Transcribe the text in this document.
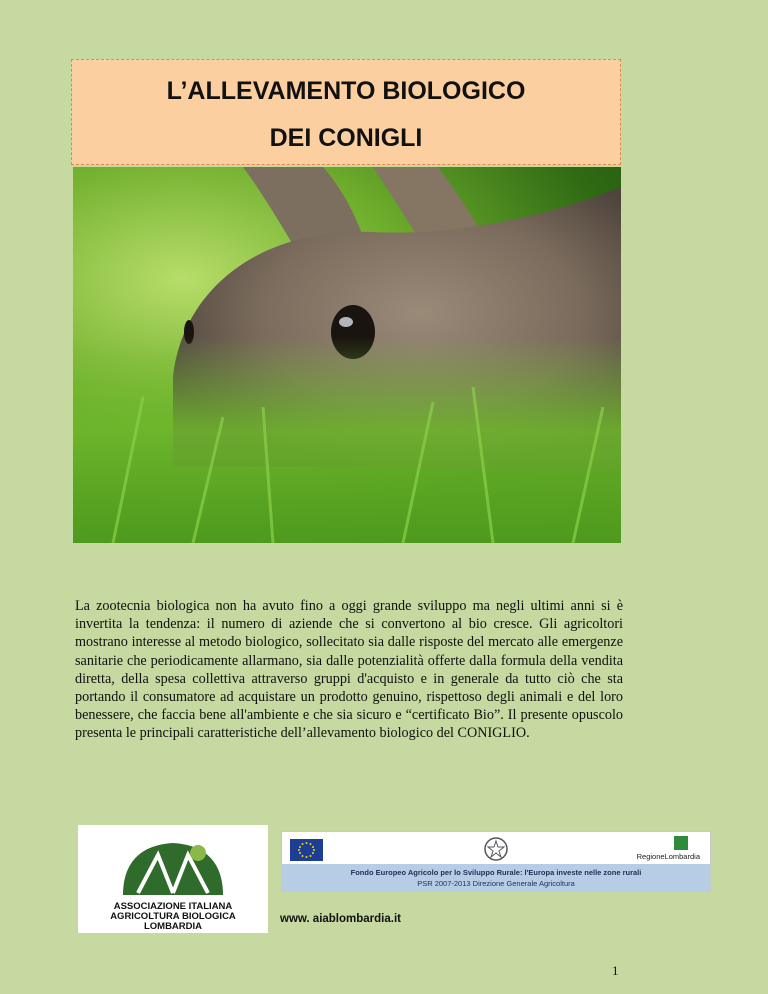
L’ALLEVAMENTO BIOLOGICO
DEI CONIGLI
La zootecnia biologica non ha avuto fino a oggi grande sviluppo ma negli ultimi anni si è invertita la tendenza: il numero di aziende che si convertono al bio cresce. Gli agricoltori mostrano interesse al metodo biologico, sollecitato sia dalle risposte del mercato alle emergenze sanitarie che periodicamente allarmano, sia dalle potenzialità offerte dalla formula della vendita diretta, della spesa collettiva attraverso gruppi d'acquisto e in generale da tutto ciò che sta portando il consumatore ad acquistare un prodotto genuino, rispettoso degli animali e del loro benessere, che faccia bene all'ambiente e che sia sicuro e “certificato Bio”. Il presente opuscolo presenta le principali caratteristiche dell’allevamento biologico del CONIGLIO.
ASSOCIAZIONE ITALIANA
AGRICOLTURA BIOLOGICA
LOMBARDIA
RegioneLombardia
Fondo Europeo Agricolo per lo Sviluppo Rurale: l'Europa investe nelle zone rurali
PSR 2007-2013 Direzione Generale Agricoltura
www. aiablombardia.it
1
